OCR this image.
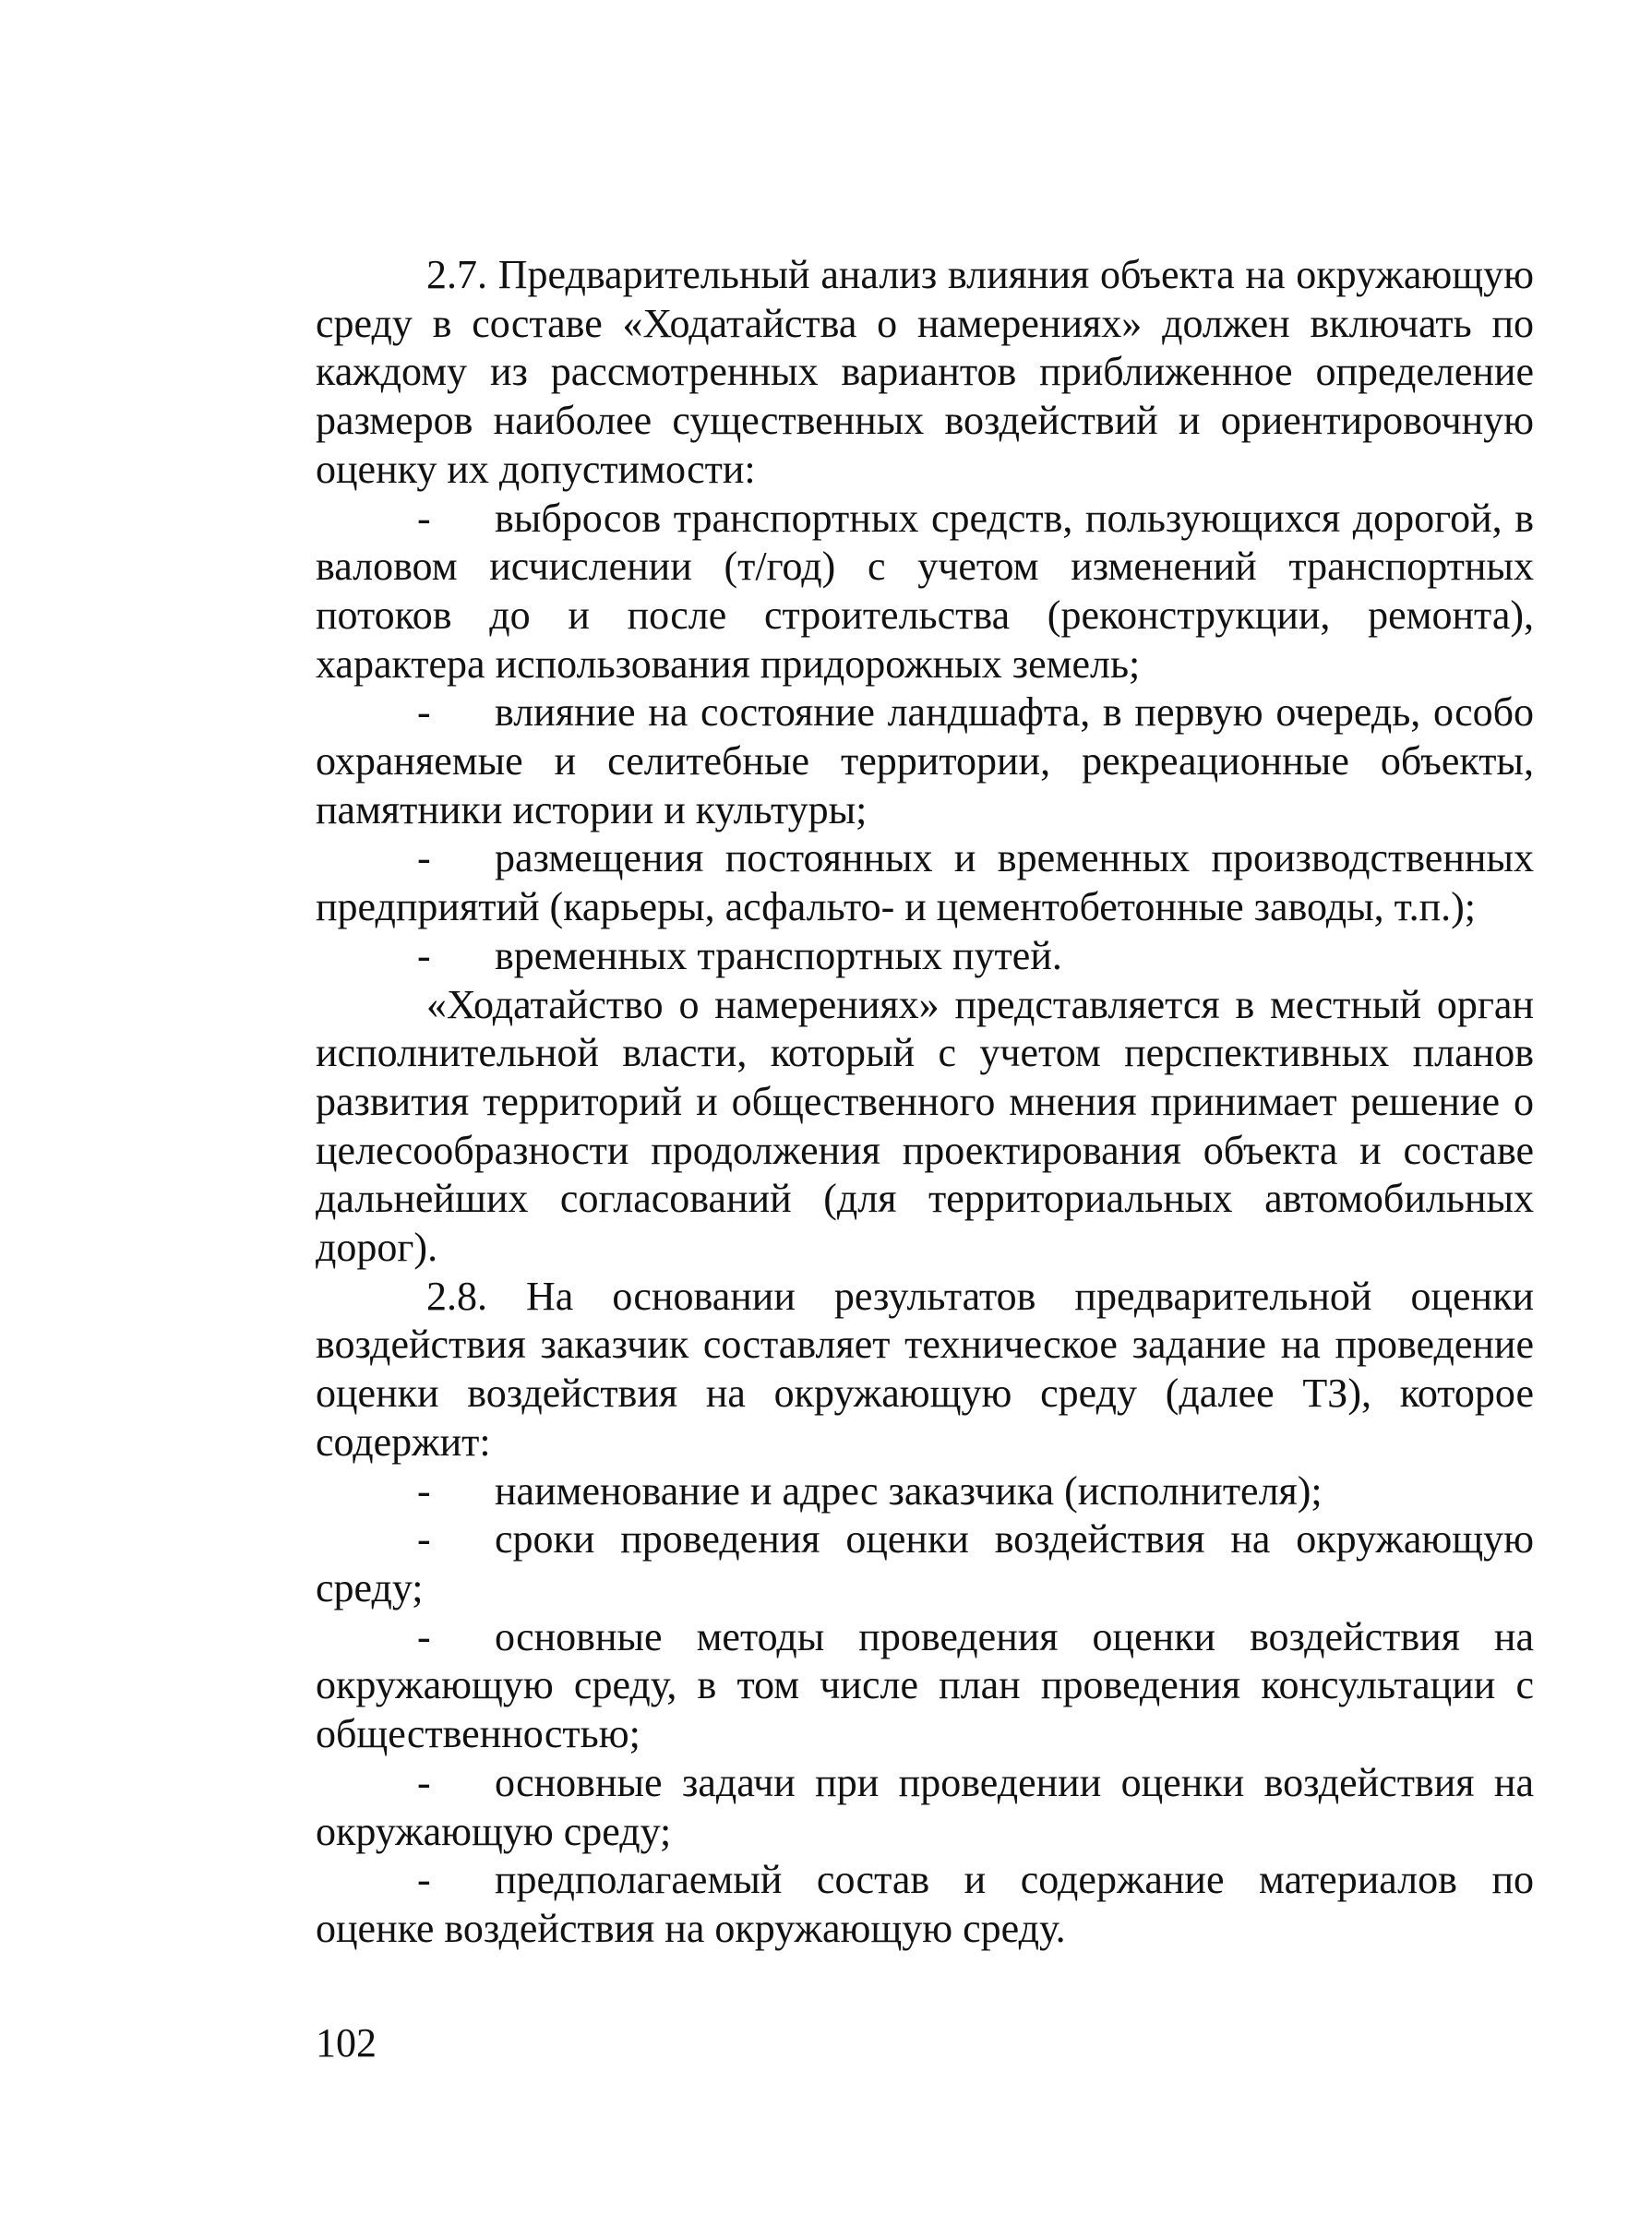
2.7. Предварительный анализ влияния объекта на окружающую среду в составе «Ходатайства о намерениях» должен включать по каждому из рассмотренных вариантов приближенное определение размеров наиболее существенных воздействий и ориентировочную оценку их допустимости:

- выбросов транспортных средств, пользующихся дорогой, в валовом исчислении (т/год) с учетом изменений транспортных потоков до и после строительства (реконструкции, ремонта), характера использования придорожных земель;

- влияние на состояние ландшафта, в первую очередь, особо охраняемые и селитебные территории, рекреационные объекты, памятники истории и культуры;

- размещения постоянных и временных производственных предприятий (карьеры, асфальто- и цементобетонные заводы, т.п.);

- временных транспортных путей.

«Ходатайство о намерениях» представляется в местный орган исполнительной власти, который с учетом перспективных планов развития территорий и общественного мнения принимает решение о целесообразности продолжения проектирования объекта и составе дальнейших согласований (для территориальных автомобильных дорог).

2.8. На основании результатов предварительной оценки воздействия заказчик составляет техническое задание на проведение оценки воздействия на окружающую среду (далее ТЗ), которое содержит:

- наименование и адрес заказчика (исполнителя);

- сроки проведения оценки воздействия на окружающую среду;

- основные методы проведения оценки воздействия на окружающую среду, в том числе план проведения консультации с общественностью;

- основные задачи при проведении оценки воздействия на окружающую среду;

- предполагаемый состав и содержание материалов по оценке воздействия на окружающую среду.

102
